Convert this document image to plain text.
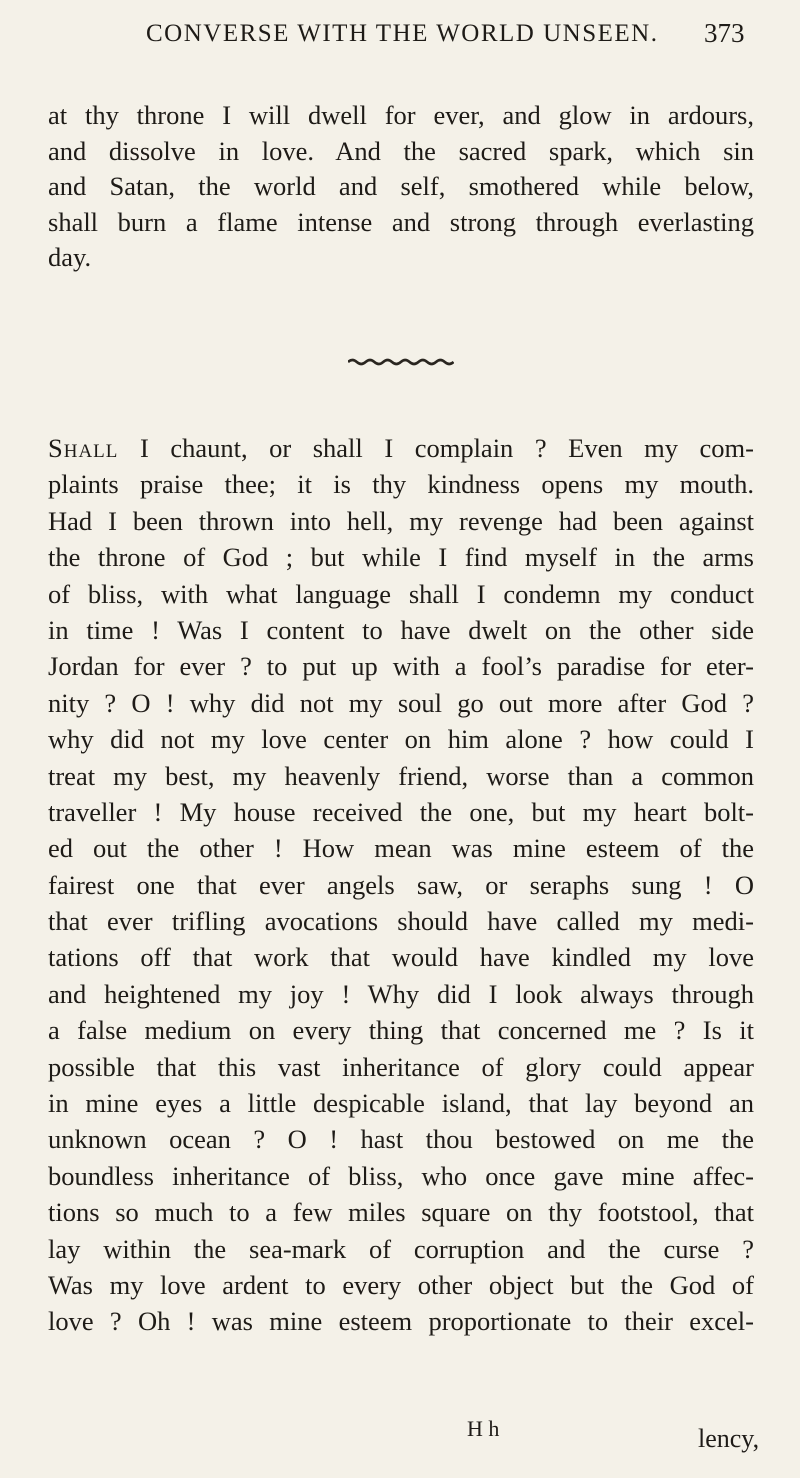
CONVERSE WITH THE WORLD UNSEEN. 373
at thy throne I will dwell for ever, and glow in ardours,
and dissolve in love. And the sacred spark, which sin
and Satan, the world and self, smothered while below,
shall burn a flame intense and strong through everlasting
day.
Shall I chaunt, or shall I complain ? Even my com-
plaints praise thee; it is thy kindness opens my mouth.
Had I been thrown into hell, my revenge had been against
the throne of God ; but while I find myself in the arms
of bliss, with what language shall I condemn my conduct
in time ! Was I content to have dwelt on the other side
Jordan for ever ? to put up with a fool’s paradise for eter-
nity ? O ! why did not my soul go out more after God ?
why did not my love center on him alone ? how could I
treat my best, my heavenly friend, worse than a common
traveller ! My house received the one, but my heart bolt-
ed out the other ! How mean was mine esteem of the
fairest one that ever angels saw, or seraphs sung ! O
that ever trifling avocations should have called my medi-
tations off that work that would have kindled my love
and heightened my joy ! Why did I look always through
a false medium on every thing that concerned me ? Is it
possible that this vast inheritance of glory could appear
in mine eyes a little despicable island, that lay beyond an
unknown ocean ? O ! hast thou bestowed on me the
boundless inheritance of bliss, who once gave mine affec-
tions so much to a few miles square on thy footstool, that
lay within the sea-mark of corruption and the curse ?
Was my love ardent to every other object but the God of
love ? Oh ! was mine esteem proportionate to their excel-
H h	lency,
